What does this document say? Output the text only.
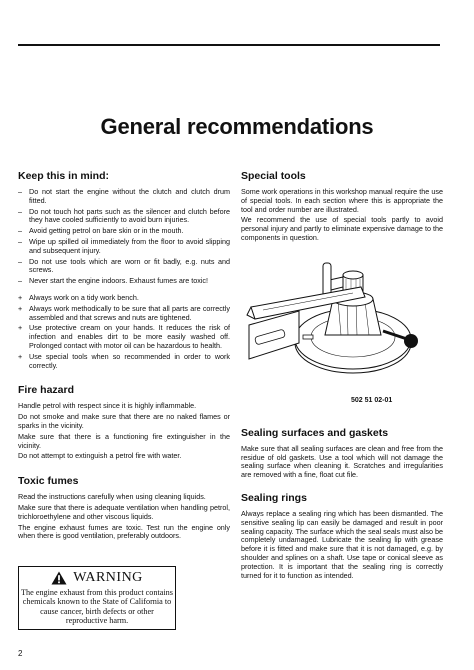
General recommendations
Keep this in mind:
– Do not start the engine without the clutch and clutch drum fitted.
– Do not touch hot parts such as the silencer and clutch before they have cooled sufficiently to avoid burn injuries.
– Avoid getting petrol on bare skin or in the mouth.
– Wipe up spilled oil immediately from the floor to avoid slipping and subsequent injury.
– Do not use tools which are worn or fit badly, e.g. nuts and screws.
– Never start the engine indoors. Exhaust fumes are toxic!
+ Always work on a tidy work bench.
+ Always work methodically to be sure that all parts are correctly assembled and that screws and nuts are tightened.
+ Use protective cream on your hands. It reduces the risk of infection and enables dirt to be more easily washed off. Prolonged contact with motor oil can be hazardous to health.
+ Use special tools when so recommended in order to work correctly.
Fire hazard

Handle petrol with respect since it is highly inflammable.

Do not smoke and make sure that there are no naked flames or sparks in the vicinity.

Make sure that there is a functioning fire extinguisher in the vicinity.

Do not attempt to extinguish a petrol fire with water.

Toxic fumes

Read the instructions carefully when using cleaning liquids.

Make sure that there is adequate ventilation when handling petrol, trichloroethylene and other viscous liquids.

The engine exhaust fumes are toxic. Test run the engine only when there is good ventilation, preferably outdoors.

WARNING
The engine exhaust from this product contains chemicals known to the State of California to cause cancer, birth defects or other reproductive harm.
Special tools

Some work operations in this workshop manual require the use of special tools. In each section where this is appropriate the tool and order number are illustrated.

We recommend the use of special tools partly to avoid personal injury and partly to eliminate expensive damage to the components in question.

502 51 02-01
Sealing surfaces and gaskets

Make sure that all sealing surfaces are clean and free from the residue of old gaskets. Use a tool which will not damage the sealing surface when cleaning it. Scratches and irregularities are removed with a fine, float cut file.

Sealing rings

Always replace a sealing ring which has been dismantled. The sensitive sealing lip can easily be damaged and result in poor sealing capacity. The surface which the seal seals must also be completely undamaged. Lubricate the sealing lip with grease before it is fitted and make sure that it is not damaged, e.g. by shoulder and splines on a shaft. Use tape or conical sleeve as protection. It is important that the sealing ring is correctly turned for it to function as intended.

2
